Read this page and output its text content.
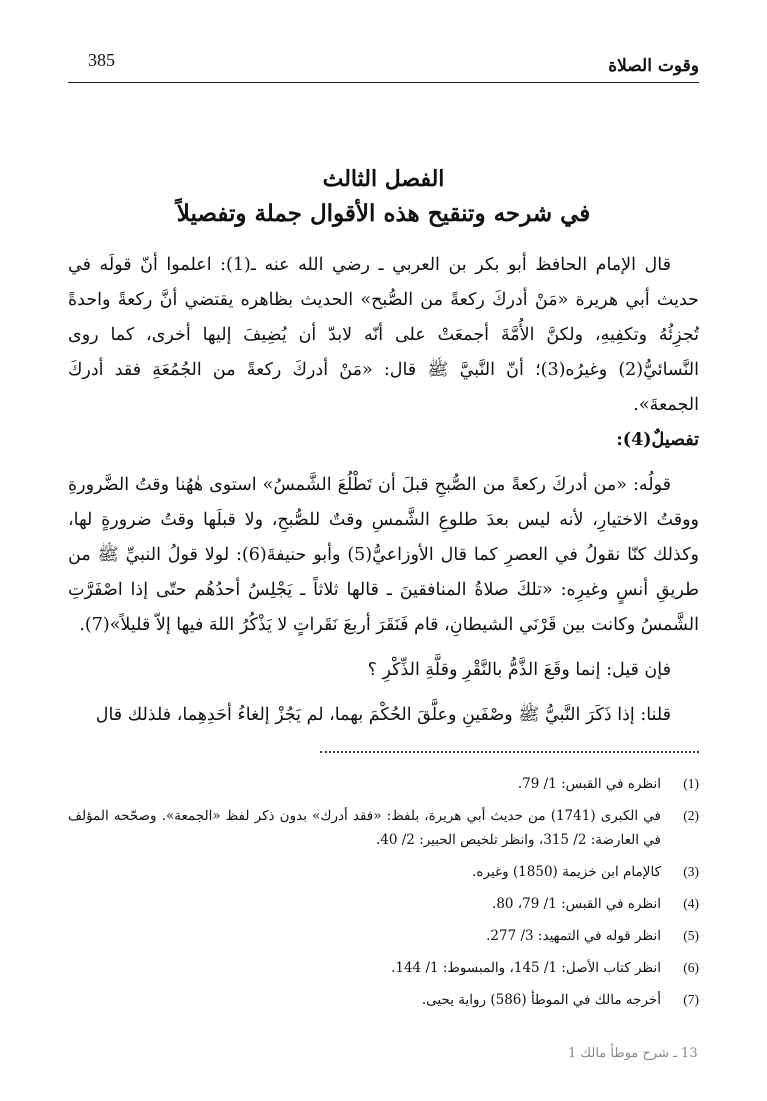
385	وقوت الصلاة
الفصل الثالث
في شرحه وتنقيح هذه الأقوال جملة وتفصيلاً

قال الإمام الحافظ أبو بكر بن العربي ـ رضي الله عنه ـ(1): اعلموا أنّ قولَه في حديث أبي هريرة «مَنْ أدركَ ركعةً من الصُّبح» الحديث بظاهره يقتضي أنَّ ركعةً واحدةً تُجزِئُهُ وتكفِيهِ، ولكنَّ الأُمَّةَ أجمعَتْ على أنّه لابدّ أن يُضِيفَ إليها أخرى، كما روى النَّسائيُّ(2) وغيرُه(3)؛ أنّ النَّبيَّ ﷺ قال: «مَنْ أدركَ ركعةً من الجُمُعَةِ فقد أدركَ الجمعةَ».

تفصيلٌ(4):

قولُه: «من أدركَ ركعةً من الصُّبحِ قبلَ أن تَطْلُعَ الشَّمسُ» استوى هٰهُنا وقتُ الضَّرورةِ ووقتُ الاختيارِ، لأنه ليس بعدَ طلوعِ الشَّمسِ وقتٌ للصُّبحِ، ولا قبلَها وقتُ ضرورةٍ لها، وكذلك كنّا نقولُ في العصرِ كما قال الأوزاعيُّ(5) وأبو حنيفةَ(6): لولا قولُ النبيِّ ﷺ من طريقِ أنسٍ وغيرِه: «تلكَ صلاةُ المنافقينَ ـ قالها ثلاثاً ـ يَجْلِسُ أحدُهُم حتّى إذا اصْفَرَّتِ الشَّمسُ وكانت بين قَرْنَي الشيطانِ، قام فَنَقَرَ أربعَ نَقَراتٍ لا يَذْكُرُ اللهَ فيها إلاّ قليلاً»(7).

فإن قيل: إنما وقَعَ الذَّمُّ بالنَّقْرِ وقلَّةِ الذِّكْرِ ؟

قلنا: إذا ذَكَرَ النَّبيُّ ﷺ وصْفَينِ وعلَّقَ الحُكْمَ بهما، لم يَجُزْ إلغاءُ أحَدِهِما، فلذلك قال

(1)
انظره في القبس: 1/ 79.
(2)
في الكبرى (1741) من حديث أبي هريرة، بلفظ: «فقد أدرك» بدون ذكر لفظ «الجمعة». وصحّحه المؤلف في العارضة: 2/ 315، وانظر تلخيص الحبير: 2/ 40.
(3)
كالإمام ابن خزيمة (1850) وغيره.
(4)
انظره في القبس: 1/ 79، 80.
(5)
انظر قوله في التمهيد: 3/ 277.
(6)
انظر كتاب الأصل: 1/ 145، والمبسوط: 1/ 144.
(7)
أخرجه مالك في الموطأ (586) رواية يحيى.
13 ـ شرح موطأ مالك 1
